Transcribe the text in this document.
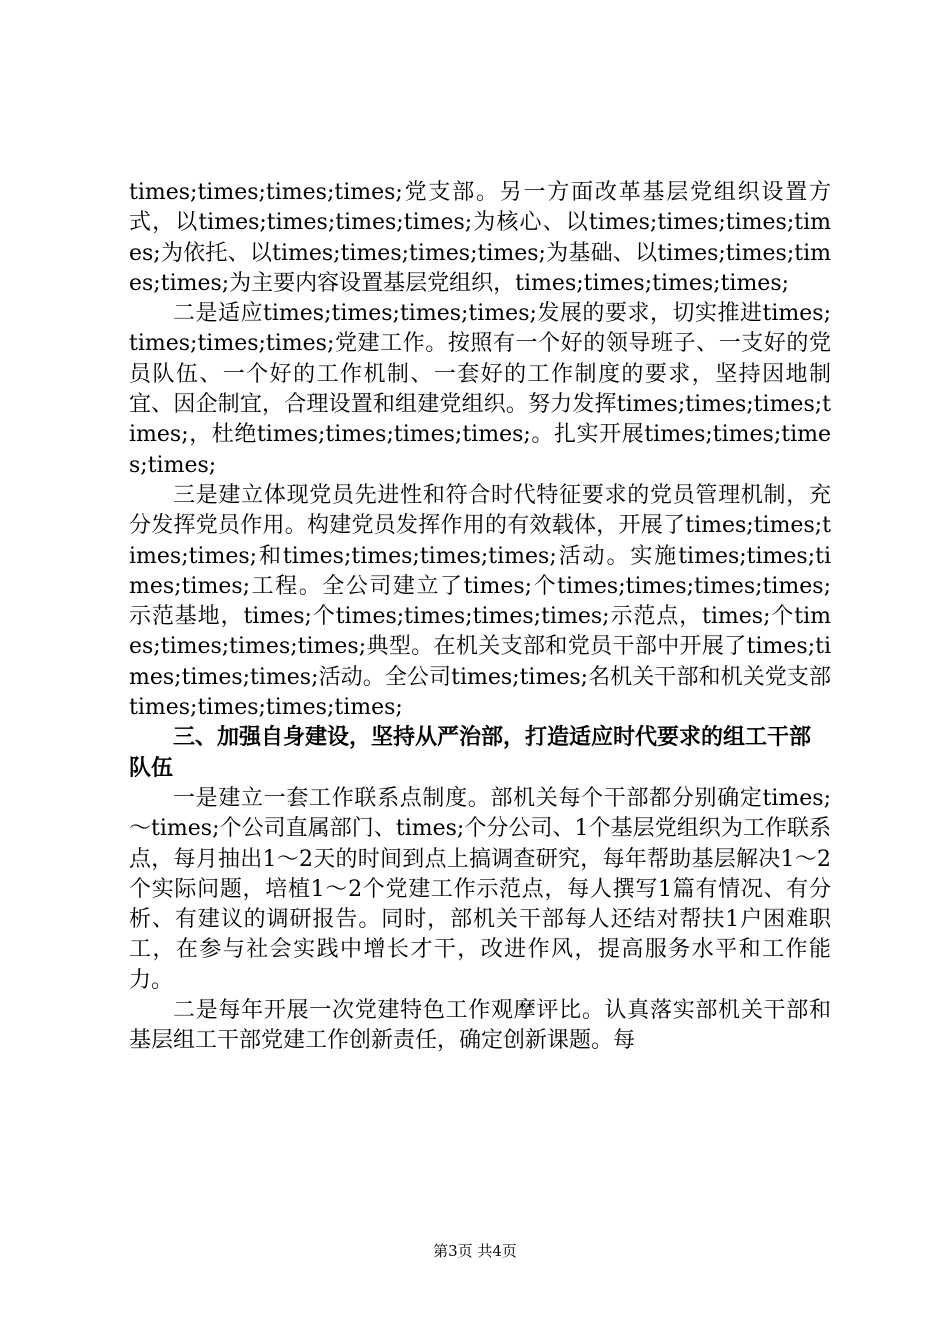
times;times;times;times;党支部。另一方面改革基层党组织设置方式，以times;times;times;times;为核心、以times;times;times;times;为依托、以times;times;times;times;为基础、以times;times;times;times;为主要内容设置基层党组织，times;times;times;times;

二是适应times;times;times;times;发展的要求，切实推进times;times;times;times;党建工作。按照有一个好的领导班子、一支好的党员队伍、一个好的工作机制、一套好的工作制度的要求，坚持因地制宜、因企制宜，合理设置和组建党组织。努力发挥times;times;times;times;，杜绝times;times;times;times;。扎实开展times;times;times;times;

三是建立体现党员先进性和符合时代特征要求的党员管理机制，充分发挥党员作用。构建党员发挥作用的有效载体，开展了times;times;times;times;和times;times;times;times;活动。实施times;times;times;times;工程。全公司建立了times;个times;times;times;times;示范基地，times;个times;times;times;times;示范点，times;个times;times;times;times;典型。在机关支部和党员干部中开展了times;times;times;times;活动。全公司times;times;名机关干部和机关党支部times;times;times;times;

三、加强自身建设，坚持从严治部，打造适应时代要求的组工干部队伍

一是建立一套工作联系点制度。部机关每个干部都分别确定times;～times;个公司直属部门、times;个分公司、1个基层党组织为工作联系点，每月抽出1～2天的时间到点上搞调查研究，每年帮助基层解决1～2个实际问题，培植1～2个党建工作示范点，每人撰写1篇有情况、有分析、有建议的调研报告。同时，部机关干部每人还结对帮扶1户困难职工，在参与社会实践中增长才干，改进作风，提高服务水平和工作能力。

二是每年开展一次党建特色工作观摩评比。认真落实部机关干部和基层组工干部党建工作创新责任，确定创新课题。每

第3页 共4页
